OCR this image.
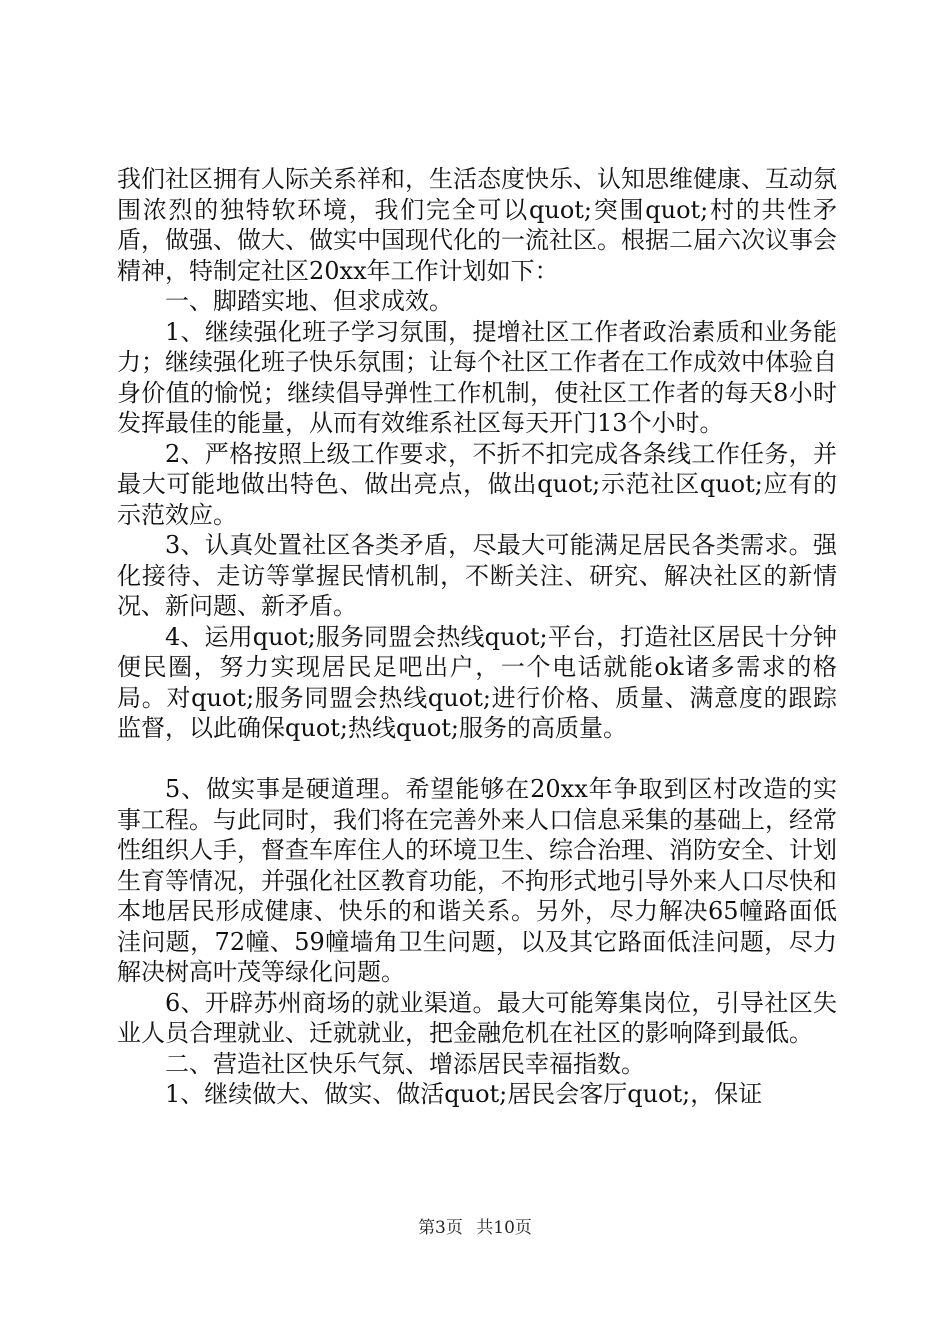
我们社区拥有人际关系祥和，生活态度快乐、认知思维健康、互动氛围浓烈的独特软环境，我们完全可以quot;突围quot;村的共性矛盾，做强、做大、做实中国现代化的一流社区。根据二届六次议事会精神，特制定社区20xx年工作计划如下：

一、脚踏实地、但求成效。

1、继续强化班子学习氛围，提增社区工作者政治素质和业务能力；继续强化班子快乐氛围；让每个社区工作者在工作成效中体验自身价值的愉悦；继续倡导弹性工作机制，使社区工作者的每天8小时发挥最佳的能量，从而有效维系社区每天开门13个小时。

2、严格按照上级工作要求，不折不扣完成各条线工作任务，并最大可能地做出特色、做出亮点，做出quot;示范社区quot;应有的示范效应。

3、认真处置社区各类矛盾，尽最大可能满足居民各类需求。强化接待、走访等掌握民情机制，不断关注、研究、解决社区的新情况、新问题、新矛盾。

4、运用quot;服务同盟会热线quot;平台，打造社区居民十分钟便民圈，努力实现居民足吧出户，一个电话就能ok诸多需求的格局。对quot;服务同盟会热线quot;进行价格、质量、满意度的跟踪监督，以此确保quot;热线quot;服务的高质量。

5、做实事是硬道理。希望能够在20xx年争取到区村改造的实事工程。与此同时，我们将在完善外来人口信息采集的基础上，经常性组织人手，督查车库住人的环境卫生、综合治理、消防安全、计划生育等情况，并强化社区教育功能，不拘形式地引导外来人口尽快和本地居民形成健康、快乐的和谐关系。另外，尽力解决65幢路面低洼问题，72幢、59幢墙角卫生问题，以及其它路面低洼问题，尽力解决树高叶茂等绿化问题。

6、开辟苏州商场的就业渠道。最大可能筹集岗位，引导社区失业人员合理就业、迁就就业，把金融危机在社区的影响降到最低。

二、营造社区快乐气氛、增添居民幸福指数。

1、继续做大、做实、做活quot;居民会客厅quot;，保证

第3页 共10页
